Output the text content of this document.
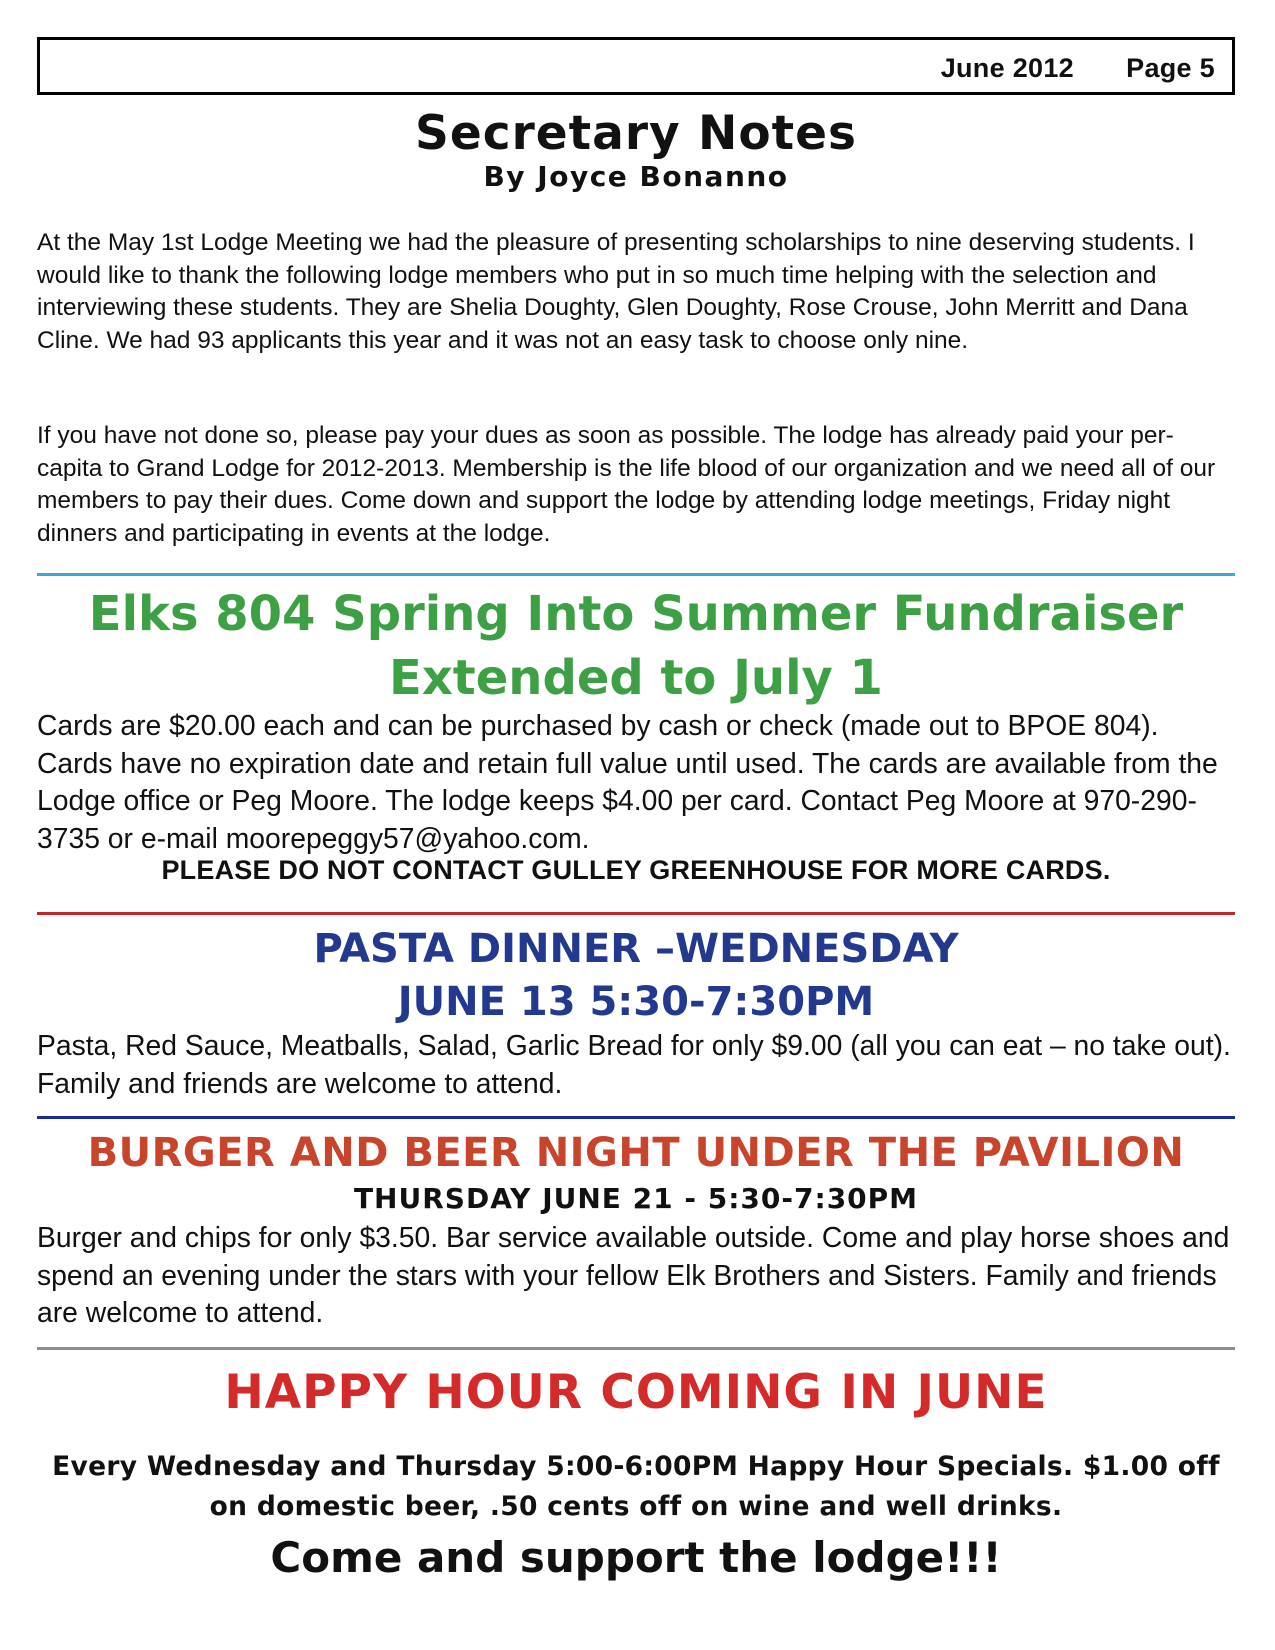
June 2012 Page 5
Secretary Notes
By Joyce Bonanno

At the May 1st Lodge Meeting we had the pleasure of presenting scholarships to nine deserving students. I would like to thank the following lodge members who put in so much time helping with the selection and interviewing these students. They are Shelia Doughty, Glen Doughty, Rose Crouse, John Merritt and Dana Cline. We had 93 applicants this year and it was not an easy task to choose only nine.

If you have not done so, please pay your dues as soon as possible. The lodge has already paid your per-capita to Grand Lodge for 2012-2013. Membership is the life blood of our organization and we need all of our members to pay their dues. Come down and support the lodge by attending lodge meetings, Friday night dinners and participating in events at the lodge.

Elks 804 Spring Into Summer Fundraiser
Extended to July 1

Cards are $20.00 each and can be purchased by cash or check (made out to BPOE 804). Cards have no expiration date and retain full value until used. The cards are available from the Lodge office or Peg Moore. The lodge keeps $4.00 per card. Contact Peg Moore at 970-290-3735 or e-mail moorepeggy57@yahoo.com.

PLEASE DO NOT CONTACT GULLEY GREENHOUSE FOR MORE CARDS.
PASTA DINNER –WEDNESDAY
JUNE 13 5:30-7:30PM

Pasta, Red Sauce, Meatballs, Salad, Garlic Bread for only $9.00 (all you can eat – no take out). Family and friends are welcome to attend.

BURGER AND BEER NIGHT UNDER THE PAVILION
THURSDAY JUNE 21 - 5:30-7:30PM

Burger and chips for only $3.50. Bar service available outside. Come and play horse shoes and spend an evening under the stars with your fellow Elk Brothers and Sisters. Family and friends are welcome to attend.

HAPPY HOUR COMING IN JUNE
Every Wednesday and Thursday 5:00-6:00PM Happy Hour Specials. $1.00 off on domestic beer, .50 cents off on wine and well drinks.
Come and support the lodge!!!
